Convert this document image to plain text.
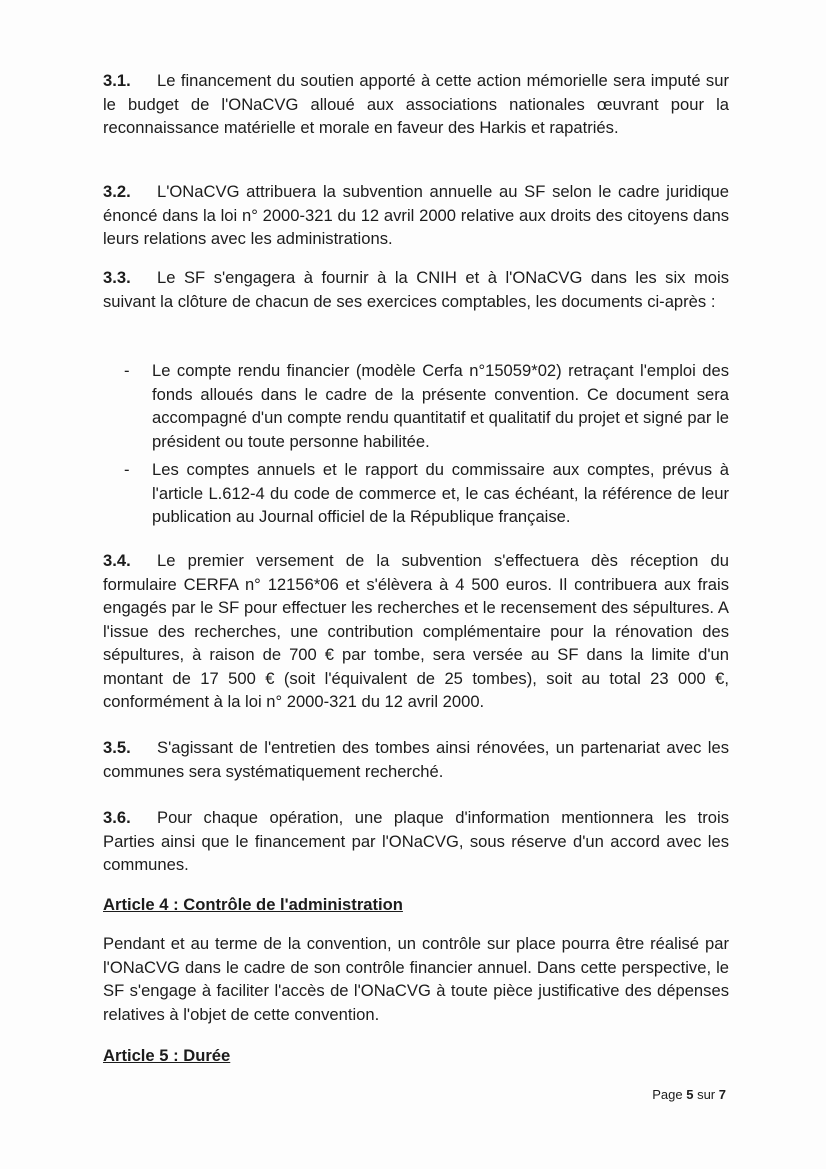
3.1. Le financement du soutien apporté à cette action mémorielle sera imputé sur le budget de l'ONaCVG alloué aux associations nationales œuvrant pour la reconnaissance matérielle et morale en faveur des Harkis et rapatriés.
3.2. L'ONaCVG attribuera la subvention annuelle au SF selon le cadre juridique énoncé dans la loi n° 2000-321 du 12 avril 2000 relative aux droits des citoyens dans leurs relations avec les administrations.
3.3. Le SF s'engagera à fournir à la CNIH et à l'ONaCVG dans les six mois suivant la clôture de chacun de ses exercices comptables, les documents ci-après :
- Le compte rendu financier (modèle Cerfa n°15059*02) retraçant l'emploi des fonds alloués dans le cadre de la présente convention. Ce document sera accompagné d'un compte rendu quantitatif et qualitatif du projet et signé par le président ou toute personne habilitée.
- Les comptes annuels et le rapport du commissaire aux comptes, prévus à l'article L.612-4 du code de commerce et, le cas échéant, la référence de leur publication au Journal officiel de la République française.
3.4. Le premier versement de la subvention s'effectuera dès réception du formulaire CERFA n° 12156*06 et s'élèvera à 4 500 euros. Il contribuera aux frais engagés par le SF pour effectuer les recherches et le recensement des sépultures. A l'issue des recherches, une contribution complémentaire pour la rénovation des sépultures, à raison de 700 € par tombe, sera versée au SF dans la limite d'un montant de 17 500 € (soit l'équivalent de 25 tombes), soit au total 23 000 €, conformément à la loi n° 2000-321 du 12 avril 2000.
3.5. S'agissant de l'entretien des tombes ainsi rénovées, un partenariat avec les communes sera systématiquement recherché.
3.6. Pour chaque opération, une plaque d'information mentionnera les trois Parties ainsi que le financement par l'ONaCVG, sous réserve d'un accord avec les communes.
Article 4 : Contrôle de l'administration
Pendant et au terme de la convention, un contrôle sur place pourra être réalisé par l'ONaCVG dans le cadre de son contrôle financier annuel. Dans cette perspective, le SF s'engage à faciliter l'accès de l'ONaCVG à toute pièce justificative des dépenses relatives à l'objet de cette convention.
Article 5 : Durée
Page 5 sur 7
